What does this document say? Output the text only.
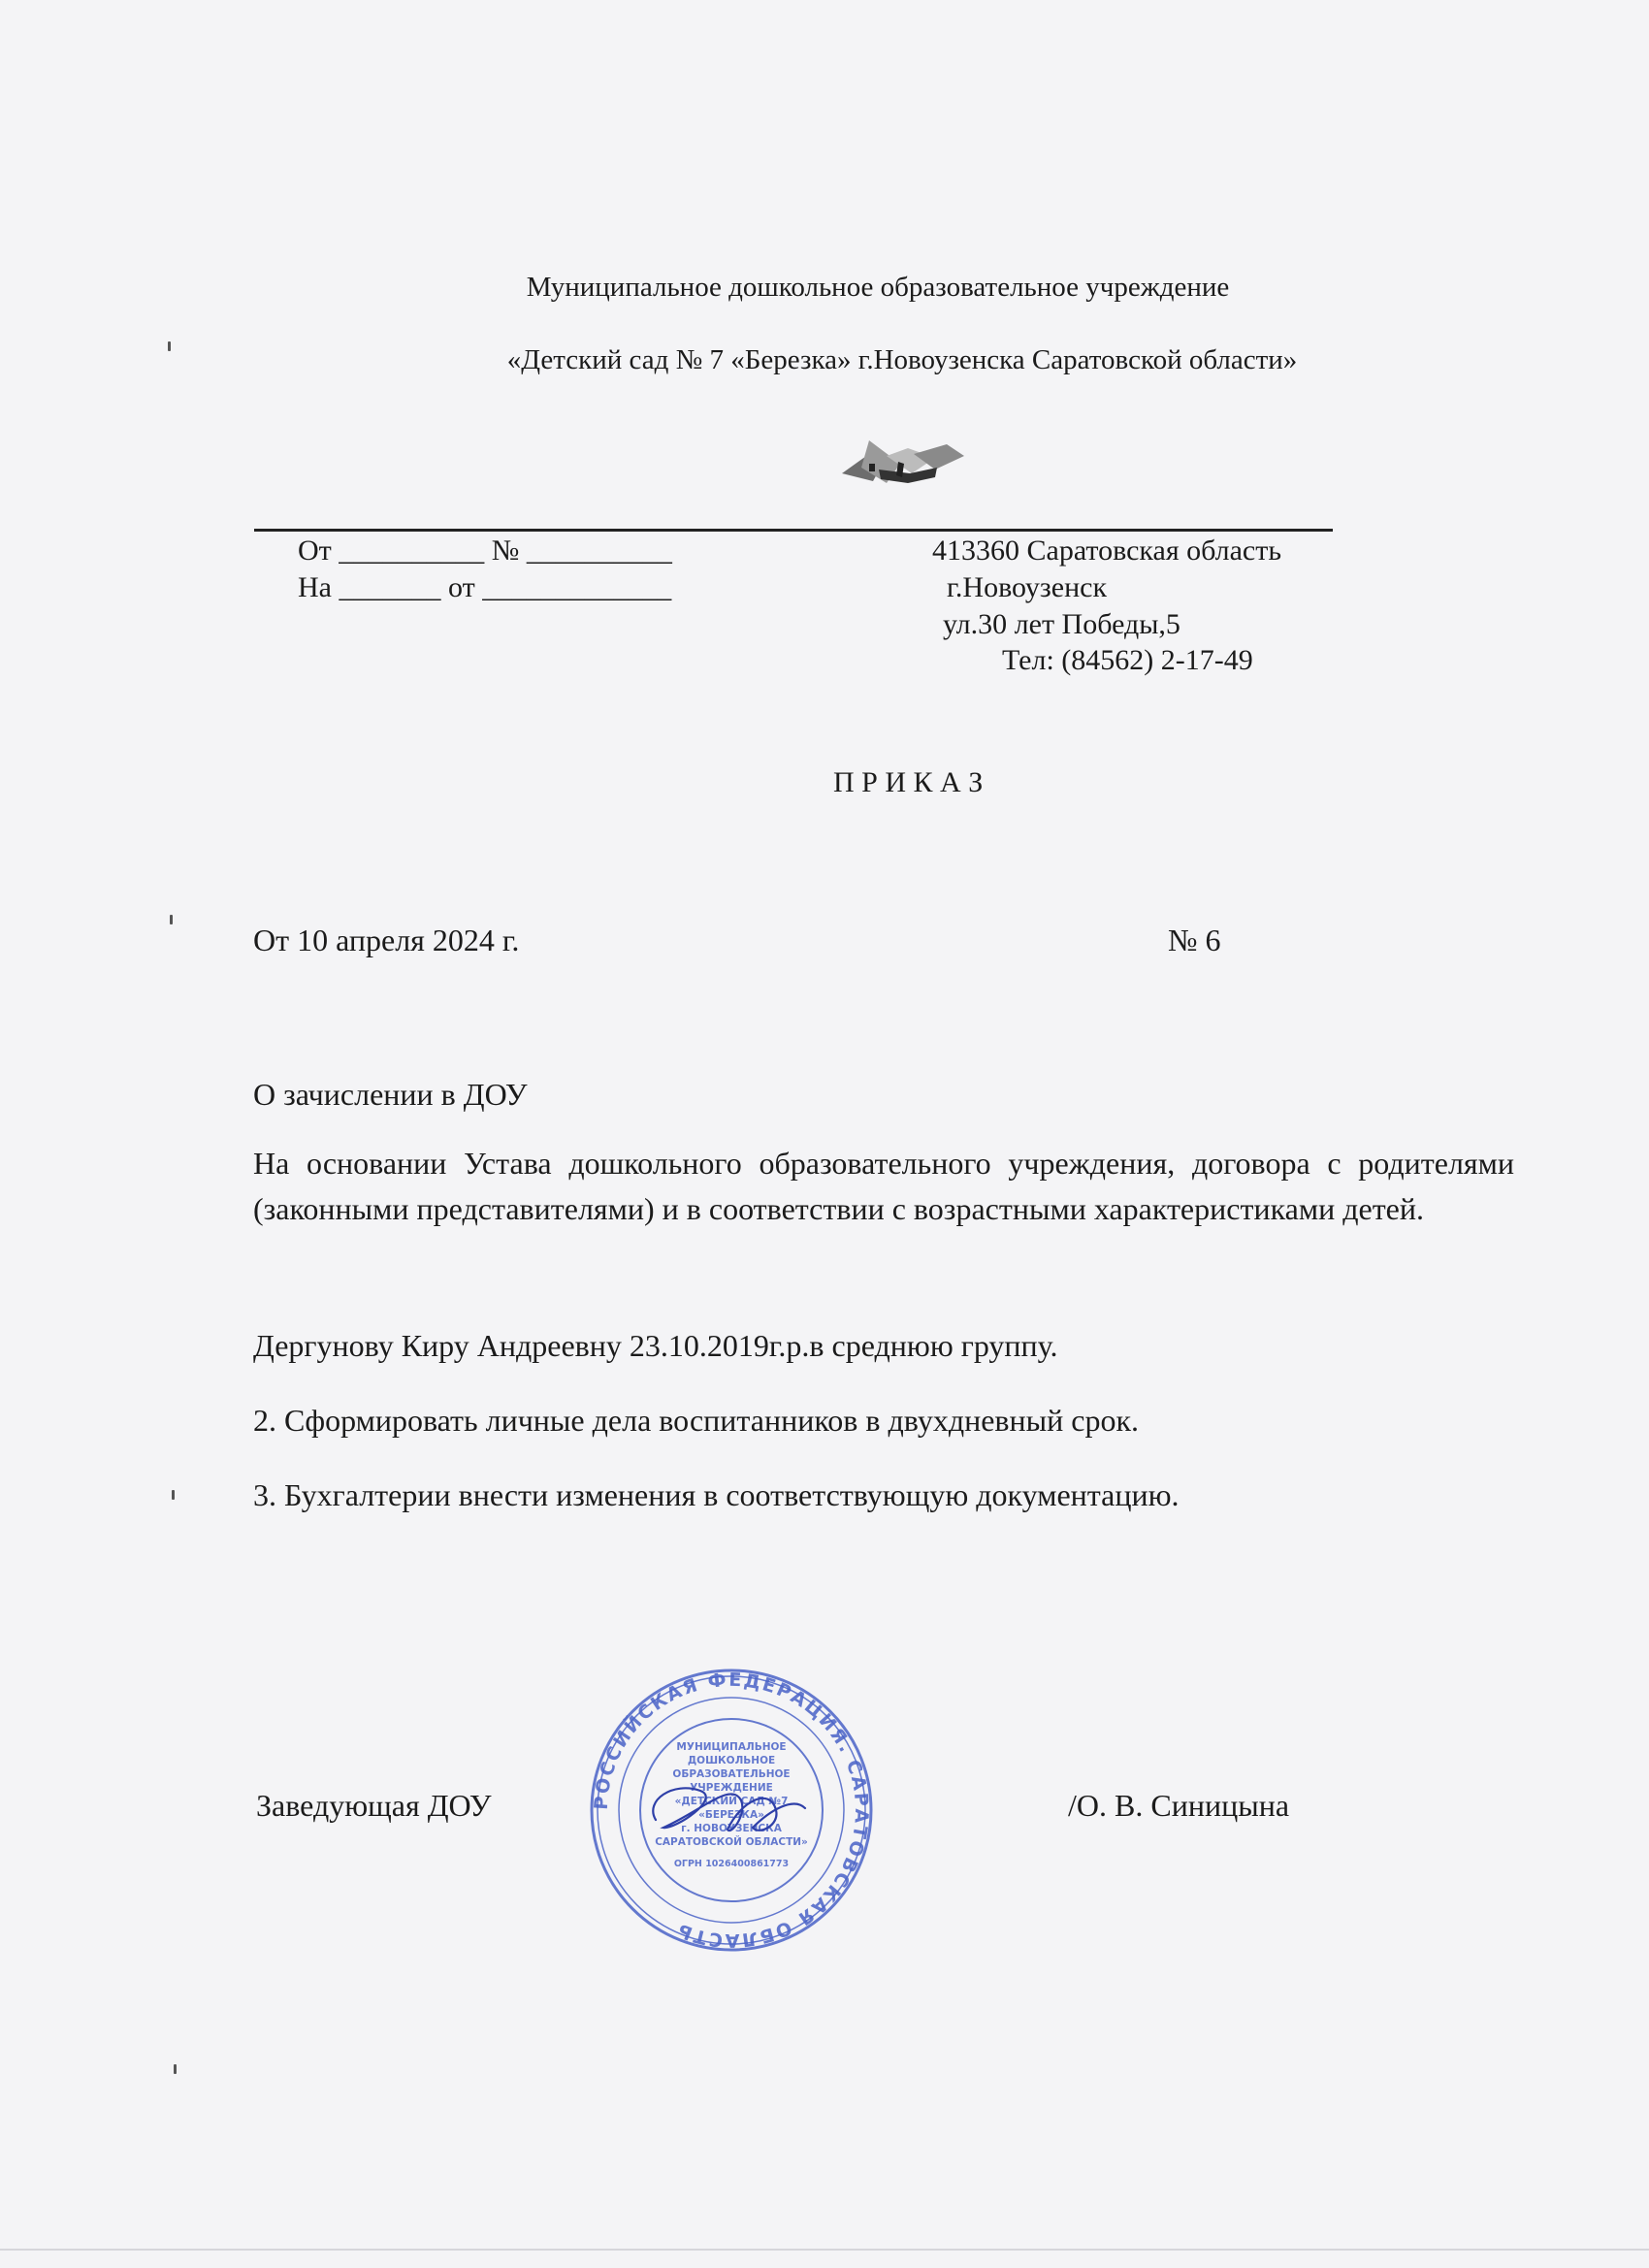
Муниципальное дошкольное образовательное учреждение
«Детский сад № 7 «Березка» г.Новоузенска Саратовской области»
От __________ № __________
На _______ от _____________
413360 Саратовская область
г.Новоузенск
ул.30 лет Победы,5
Тел: (84562) 2-17-49
П Р И К А З
От 10 апреля 2024 г.	№ 6
О зачислении в ДОУ
На основании Устава дошкольного образовательного учреждения, договора с родителями (законными представителями) и в соответствии с возрастными характеристиками детей.
Дергунову Киру Андреевну 23.10.2019г.р.в среднюю группу.
2. Сформировать личные дела воспитанников в двухдневный срок.
3. Бухгалтерии внести изменения в соответствующую документацию.
Заведующая ДОУ	/О. В. Синицына
РОССИЙСКАЯ ФЕДЕРАЦИЯ. САРАТОВСКАЯ ОБЛАСТЬ
МУНИЦИПАЛЬНОЕ
ДОШКОЛЬНОЕ
ОБРАЗОВАТЕЛЬНОЕ
УЧРЕЖДЕНИЕ
«ДЕТСКИЙ САД №7
«БЕРЕЗКА»
г. НОВОУЗЕНСКА
САРАТОВСКОЙ ОБЛАСТИ»
ОГРН 1026400861773
